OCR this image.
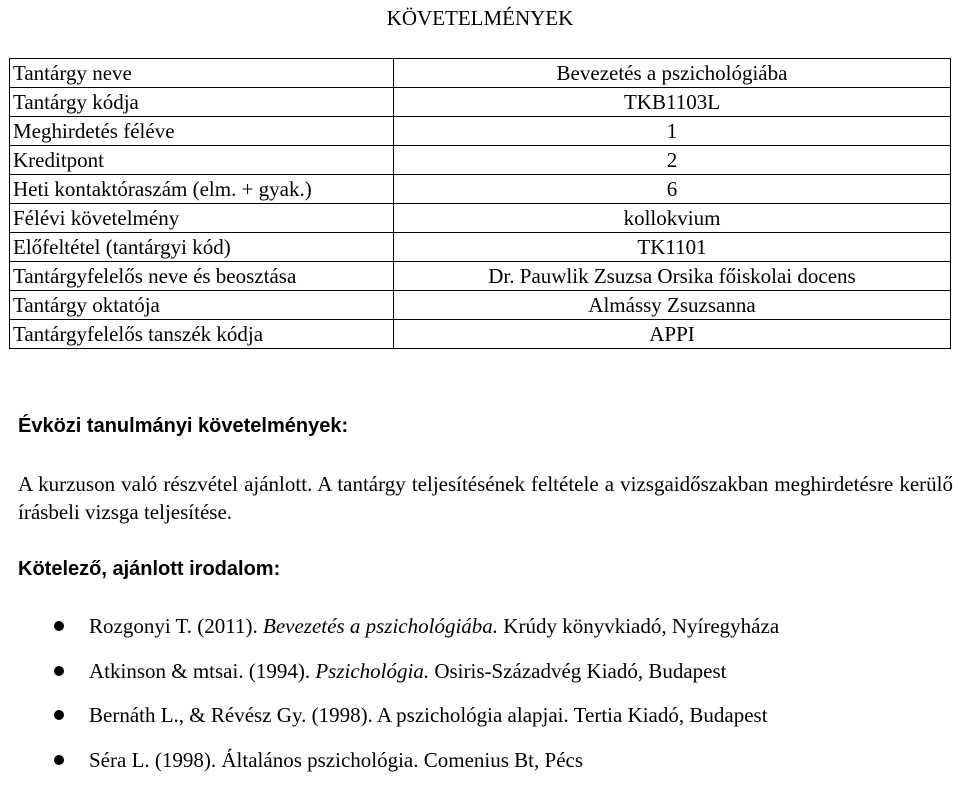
KÖVETELMÉNYEK
Tantárgy neve	Bevezetés a pszichológiába
Tantárgy kódja	TKB1103L
Meghirdetés féléve	1
Kreditpont	2
Heti kontaktóraszám (elm. + gyak.)	6
Félévi követelmény	kollokvium
Előfeltétel (tantárgyi kód)	TK1101
Tantárgyfelelős neve és beosztása	Dr. Pauwlik Zsuzsa Orsika főiskolai docens
Tantárgy oktatója	Almássy Zsuzsanna
Tantárgyfelelős tanszék kódja	APPI
Évközi tanulmányi követelmények:
A kurzuson való részvétel ajánlott. A tantárgy teljesítésének feltétele a vizsgaidőszakban meghirdetésre kerülő írásbeli vizsga teljesítése.
Kötelező, ajánlott irodalom:
Rozgonyi T. (2011). Bevezetés a pszichológiába. Krúdy könyvkiadó, Nyíregyháza
Atkinson & mtsai. (1994). Pszichológia. Osiris-Századvég Kiadó, Budapest
Bernáth L., & Révész Gy. (1998). A pszichológia alapjai. Tertia Kiadó, Budapest
Séra L. (1998). Általános pszichológia. Comenius Bt, Pécs
